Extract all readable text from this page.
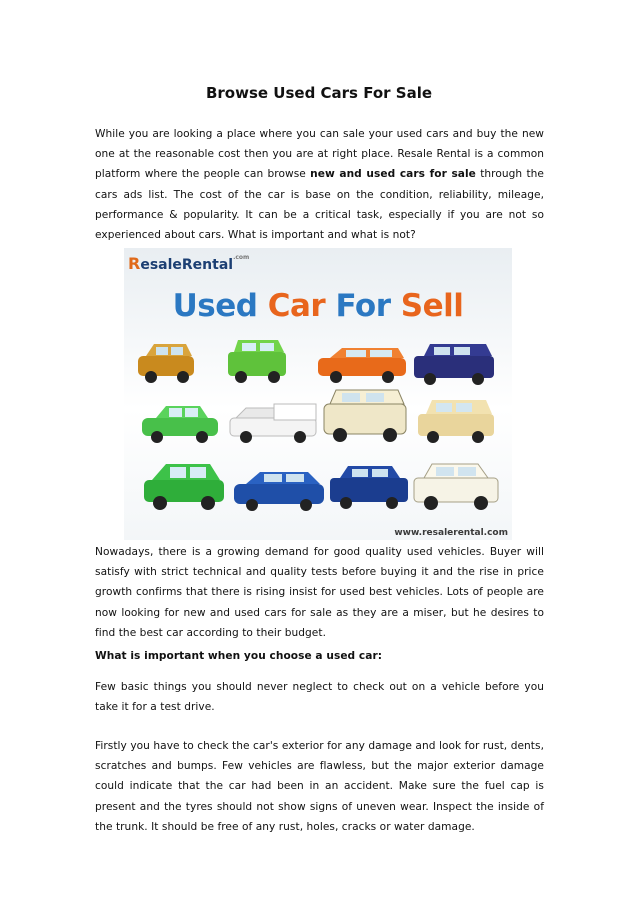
Browse Used Cars For Sale

While you are looking a place where you can sale your used cars and buy the new one at the reasonable cost then you are at right place. Resale Rental is a common platform where the people can browse new and used cars for sale through the cars ads list. The cost of the car is base on the condition, reliability, mileage, performance & popularity. It can be a critical task, especially if you are not so experienced about cars. What is important and what is not?

ResaleRental$^{.com}$
Used Car For Sell
www.resalerental.com

Nowadays, there is a growing demand for good quality used vehicles. Buyer will satisfy with strict technical and quality tests before buying it and the rise in price growth confirms that there is rising insist for used best vehicles. Lots of people are now looking for new and used cars for sale as they are a miser, but he desires to find the best car according to their budget.

What is important when you choose a used car:

Few basic things you should never neglect to check out on a vehicle before you take it for a test drive.

Firstly you have to check the car's exterior for any damage and look for rust, dents, scratches and bumps. Few vehicles are flawless, but the major exterior damage could indicate that the car had been in an accident. Make sure the fuel cap is present and the tyres should not show signs of uneven wear. Inspect the inside of the trunk. It should be free of any rust, holes, cracks or water damage.
